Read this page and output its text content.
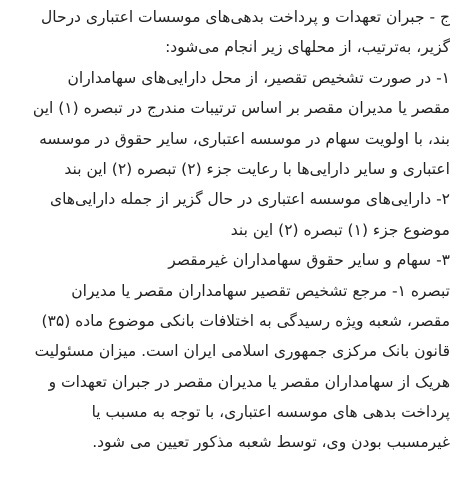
ج - جبران تعهدات و پرداخت بدهی‌های موسسات اعتباری درحال
گزیر، به‌ترتیب، از محلهای زیر انجام می‌شود:
۱- در صورت تشخیص تقصیر، از محل دارایی‌های سهامداران
مقصر یا مدیران مقصر بر اساس ترتیبات مندرج در تبصره (۱) این
بند، با اولویت سهام در موسسه اعتباری، سایر حقوق در موسسه
اعتباری و سایر دارایی‌ها با رعایت جزء (۲) تبصره (۲) این بند
۲- دارایی‌های موسسه اعتباری در حال گزیر از جمله دارایی‌های
موضوع جزء (۱) تبصره (۲) این بند
۳- سهام و سایر حقوق سهامداران غیرمقصر
تبصره ۱- مرجع تشخیص تقصیر سهامداران مقصر یا مدیران
مقصر، شعبه ویژه رسیدگی به اختلافات بانکی موضوع ماده (۳۵)
قانون بانک مرکزی جمهوری اسلامی ایران است. میزان مسئولیت
هریک از سهامداران مقصر یا مدیران مقصر در جبران تعهدات و
پرداخت بدهی های موسسه اعتباری، با توجه به مسبب یا
غیرمسبب بودن وی، توسط شعبه مذکور تعیین می شود.
